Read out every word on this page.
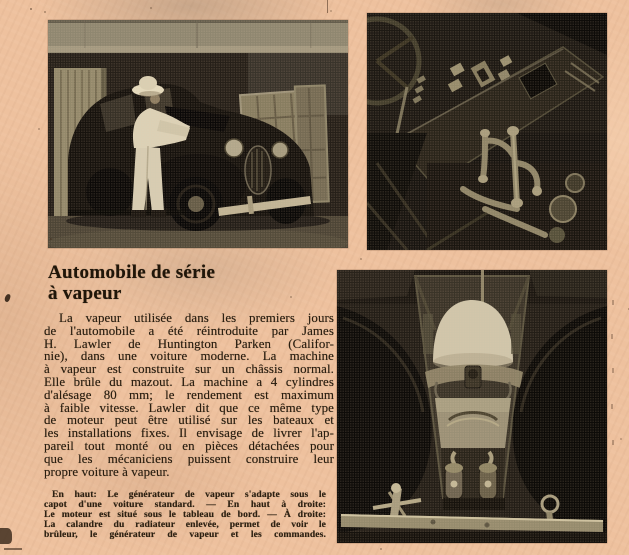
Automobile de série
à vapeur
La vapeur utilisée dans les premiers jours
de l'automobile a été réintroduite par James
H. Lawler de Huntington Parken (Califor-
nie), dans une voiture moderne. La machine
à vapeur est construite sur un châssis normal.
Elle brûle du mazout. La machine a 4 cylindres
d'alésage 80 mm; le rendement est maximum
à faible vitesse. Lawler dit que ce même type
de moteur peut être utilisé sur les bateaux et
les installations fixes. Il envisage de livrer l'ap-
pareil tout monté ou en pièces détachées pour
que les mécaniciens puissent construire leur
propre voiture à vapeur.
En haut: Le générateur de vapeur s'adapte sous le
capot d'une voiture standard. — En haut à droite:
Le moteur est situé sous le tableau de bord. — À droite:
La calandre du radiateur enlevée, permet de voir le
brûleur, le générateur de vapeur et les commandes.
